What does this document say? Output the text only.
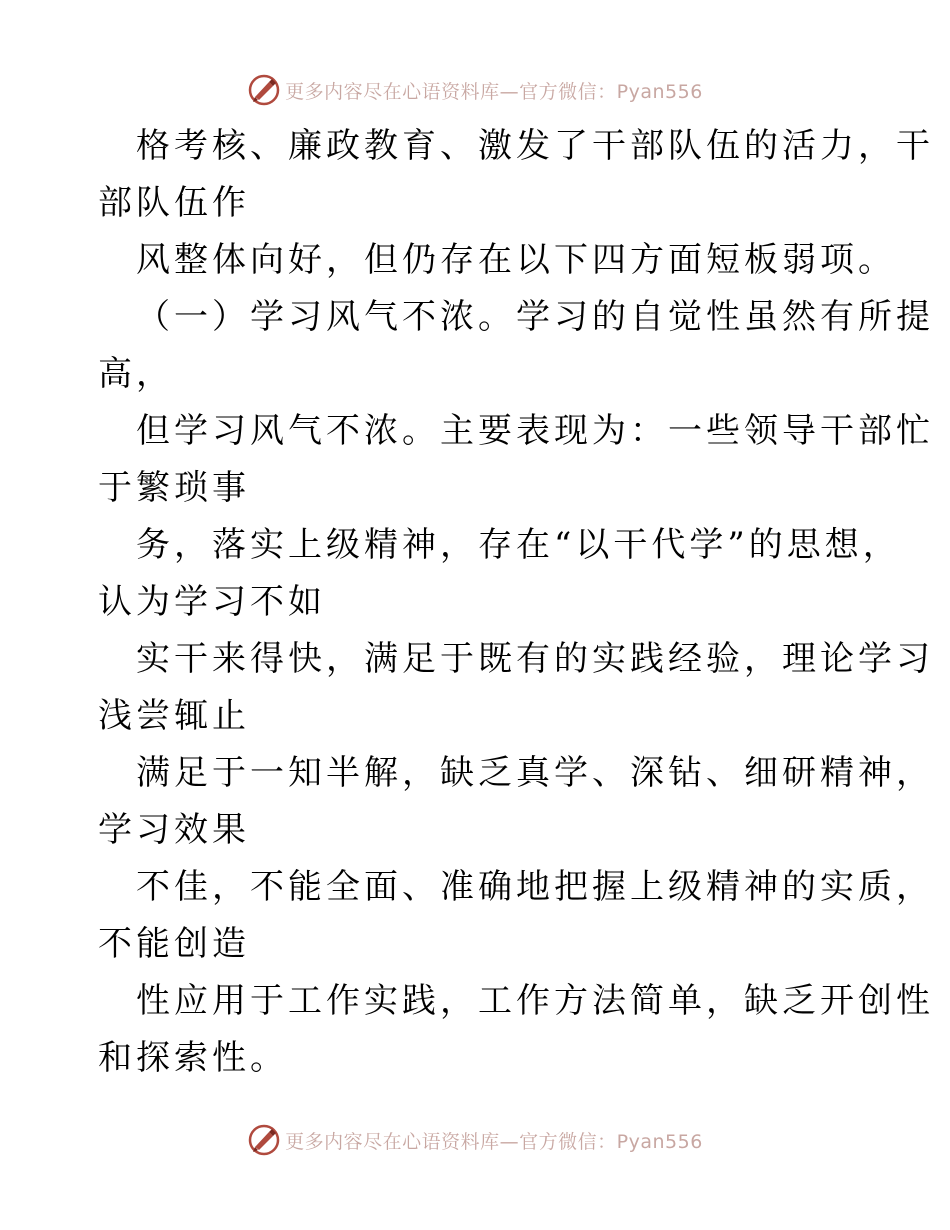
更多内容尽在心语资料库—官方微信：Pyan556
格考核、廉政教育、激发了干部队伍的活力，干
部队伍作
风整体向好，但仍存在以下四方面短板弱项。
（一）学习风气不浓。学习的自觉性虽然有所提
高，
但学习风气不浓。主要表现为：一些领导干部忙
于繁琐事
务，落实上级精神，存在“以干代学”的思想，
认为学习不如
实干来得快，满足于既有的实践经验，理论学习
浅尝辄止
满足于一知半解，缺乏真学、深钻、细研精神，
学习效果
不佳，不能全面、准确地把握上级精神的实质，
不能创造
性应用于工作实践，工作方法简单，缺乏开创性
和探索性。
更多内容尽在心语资料库—官方微信：Pyan556
